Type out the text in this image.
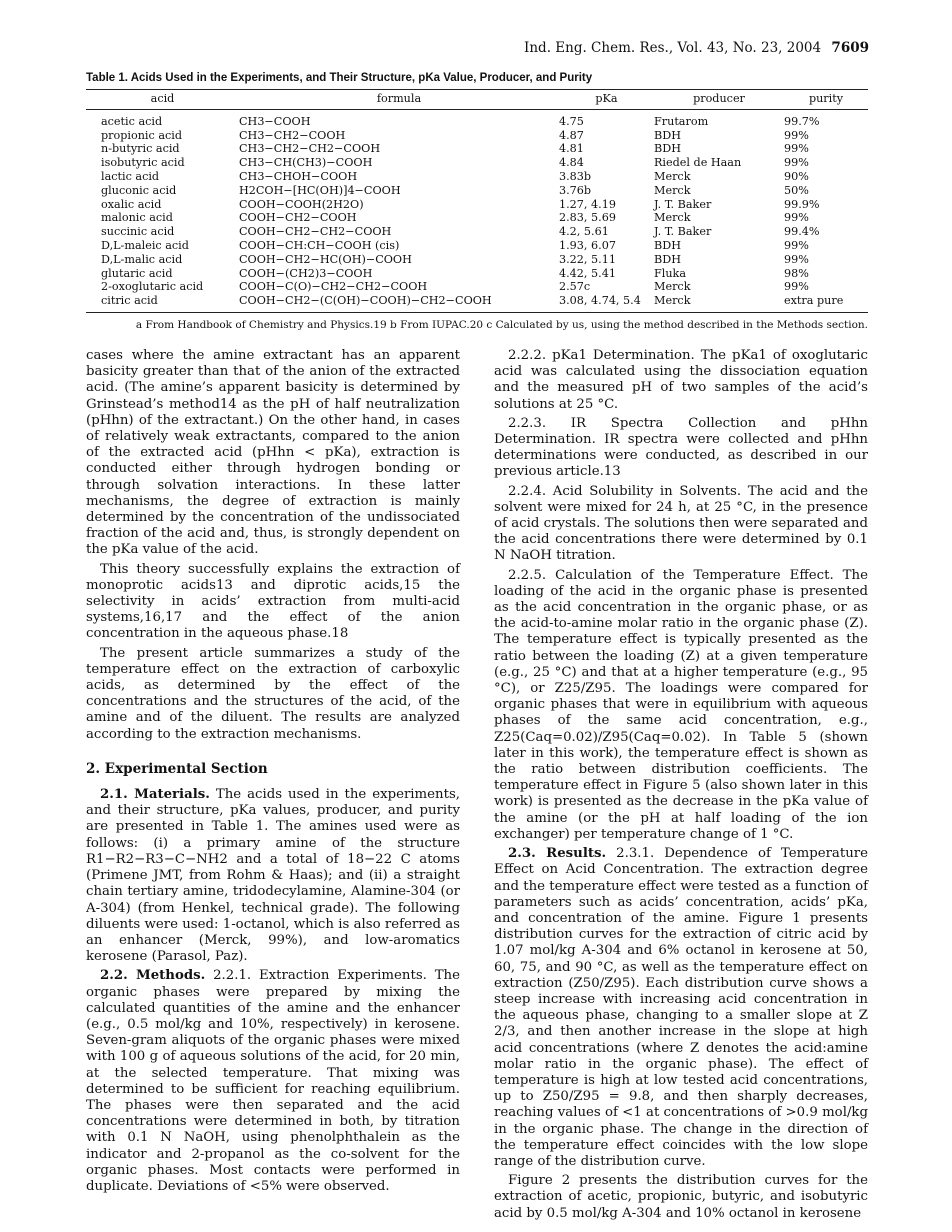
Ind. Eng. Chem. Res., Vol. 43, No. 23, 2004 7609
Table 1. Acids Used in the Experiments, and Their Structure, pKa Value, Producer, and Purity
acid	formula	pKa	producer	purity
acetic acid	CH3−COOH	4.75	Frutarom	99.7%
propionic acid	CH3−CH2−COOH	4.87	BDH	99%
n-butyric acid	CH3−CH2−CH2−COOH	4.81	BDH	99%
isobutyric acid	CH3−CH(CH3)−COOH	4.84	Riedel de Haan	99%
lactic acid	CH3−CHOH−COOH	3.83b	Merck	90%
gluconic acid	H2COH−[HC(OH)]4−COOH	3.76b	Merck	50%
oxalic acid	COOH−COOH(2H2O)	1.27, 4.19	J. T. Baker	99.9%
malonic acid	COOH−CH2−COOH	2.83, 5.69	Merck	99%
succinic acid	COOH−CH2−CH2−COOH	4.2, 5.61	J. T. Baker	99.4%
D,L-maleic acid	COOH−CH:CH−COOH (cis)	1.93, 6.07	BDH	99%
D,L-malic acid	COOH−CH2−HC(OH)−COOH	3.22, 5.11	BDH	99%
glutaric acid	COOH−(CH2)3−COOH	4.42, 5.41	Fluka	98%
2-oxoglutaric acid	COOH−C(O)−CH2−CH2−COOH	2.57c	Merck	99%
citric acid	COOH−CH2−(C(OH)−COOH)−CH2−COOH	3.08, 4.74, 5.4	Merck	extra pure
a From Handbook of Chemistry and Physics.19 b From IUPAC.20 c Calculated by us, using the method described in the Methods section.

cases where the amine extractant has an apparent basicity greater than that of the anion of the extracted acid. (The amine’s apparent basicity is determined by Grinstead’s method14 as the pH of half neutralization (pHhn) of the extractant.) On the other hand, in cases of relatively weak extractants, compared to the anion of the extracted acid (pHhn < pKa), extraction is conducted either through hydrogen bonding or through solvation interactions. In these latter mechanisms, the degree of extraction is mainly determined by the concentration of the undissociated fraction of the acid and, thus, is strongly dependent on the pKa value of the acid.

This theory successfully explains the extraction of monoprotic acids13 and diprotic acids,15 the selectivity in acids’ extraction from multi-acid systems,16,17 and the effect of the anion concentration in the aqueous phase.18

The present article summarizes a study of the temperature effect on the extraction of carboxylic acids, as determined by the effect of the concentrations and the structures of the acid, of the amine and of the diluent. The results are analyzed according to the extraction mechanisms.

2. Experimental Section

2.1. Materials. The acids used in the experiments, and their structure, pKa values, producer, and purity are presented in Table 1. The amines used were as follows: (i) a primary amine of the structure R1−R2−R3−C−NH2 and a total of 18−22 C atoms (Primene JMT, from Rohm & Haas); and (ii) a straight chain tertiary amine, tridodecylamine, Alamine-304 (or A-304) (from Henkel, technical grade). The following diluents were used: 1-octanol, which is also referred as an enhancer (Merck, 99%), and low-aromatics kerosene (Parasol, Paz).

2.2. Methods. 2.2.1. Extraction Experiments. The organic phases were prepared by mixing the calculated quantities of the amine and the enhancer (e.g., 0.5 mol/kg and 10%, respectively) in kerosene. Seven-gram aliquots of the organic phases were mixed with 100 g of aqueous solutions of the acid, for 20 min, at the selected temperature. That mixing was determined to be sufficient for reaching equilibrium. The phases were then separated and the acid concentrations were determined in both, by titration with 0.1 N NaOH, using phenolphthalein as the indicator and 2-propanol as the co-solvent for the organic phases. Most contacts were performed in duplicate. Deviations of <5% were observed.

2.2.2. pKa1 Determination. The pKa1 of oxoglutaric acid was calculated using the dissociation equation and the measured pH of two samples of the acid’s solutions at 25 °C.

2.2.3. IR Spectra Collection and pHhn Determination. IR spectra were collected and pHhn determinations were conducted, as described in our previous article.13

2.2.4. Acid Solubility in Solvents. The acid and the solvent were mixed for 24 h, at 25 °C, in the presence of acid crystals. The solutions then were separated and the acid concentrations there were determined by 0.1 N NaOH titration.

2.2.5. Calculation of the Temperature Effect. The loading of the acid in the organic phase is presented as the acid concentration in the organic phase, or as the acid-to-amine molar ratio in the organic phase (Z). The temperature effect is typically presented as the ratio between the loading (Z) at a given temperature (e.g., 25 °C) and that at a higher temperature (e.g., 95 °C), or Z25/Z95. The loadings were compared for organic phases that were in equilibrium with aqueous phases of the same acid concentration, e.g., Z25(Caq=0.02)/Z95(Caq=0.02). In Table 5 (shown later in this work), the temperature effect is shown as the ratio between distribution coefficients. The temperature effect in Figure 5 (also shown later in this work) is presented as the decrease in the pKa value of the amine (or the pH at half loading of the ion exchanger) per temperature change of 1 °C.

2.3. Results. 2.3.1. Dependence of Temperature Effect on Acid Concentration. The extraction degree and the temperature effect were tested as a function of parameters such as acids’ concentration, acids’ pKa, and concentration of the amine. Figure 1 presents distribution curves for the extraction of citric acid by 1.07 mol/kg A-304 and 6% octanol in kerosene at 50, 60, 75, and 90 °C, as well as the temperature effect on extraction (Z50/Z95). Each distribution curve shows a steep increase with increasing acid concentration in the aqueous phase, changing to a smaller slope at Z 2/3, and then another increase in the slope at high acid concentrations (where Z denotes the acid:amine molar ratio in the organic phase). The effect of temperature is high at low tested acid concentrations, up to Z50/Z95 = 9.8, and then sharply decreases, reaching values of <1 at concentrations of >0.9 mol/kg in the organic phase. The change in the direction of the temperature effect coincides with the low slope range of the distribution curve.

Figure 2 presents the distribution curves for the extraction of acetic, propionic, butyric, and isobutyric acid by 0.5 mol/kg A-304 and 10% octanol in kerosene
